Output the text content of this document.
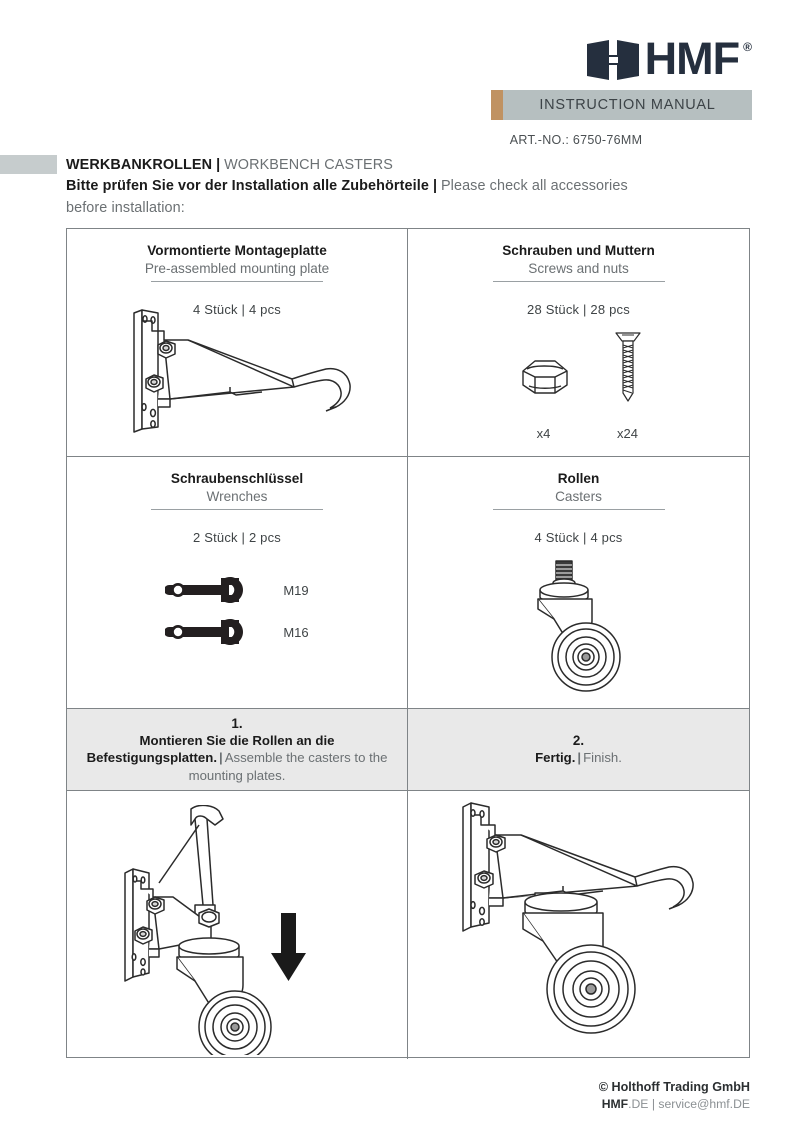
HMF ®
INSTRUCTION MANUAL
ART.-NO.: 6750-76MM
WERKBANKROLLEN | WORKBENCH CASTERS
Bitte prüfen Sie vor der Installation alle Zubehörteile | Please check all accessories
before installation:
Vormontierte Montageplatte
Pre-assembled mounting plate
4 Stück | 4 pcs
Schrauben und Muttern
Screws and nuts
28 Stück | 28 pcs
x4	x24
Schraubenschlüssel
Wrenches
2 Stück | 2 pcs
M19
M16
Rollen
Casters
4 Stück | 4 pcs
1.
Montieren Sie die Rollen an die Befestigungsplatten. | Assemble the casters to the mounting plates.
2.
Fertig. | Finish.
© Holthoff Trading GmbH
HMF.DE | service@hmf.DE
